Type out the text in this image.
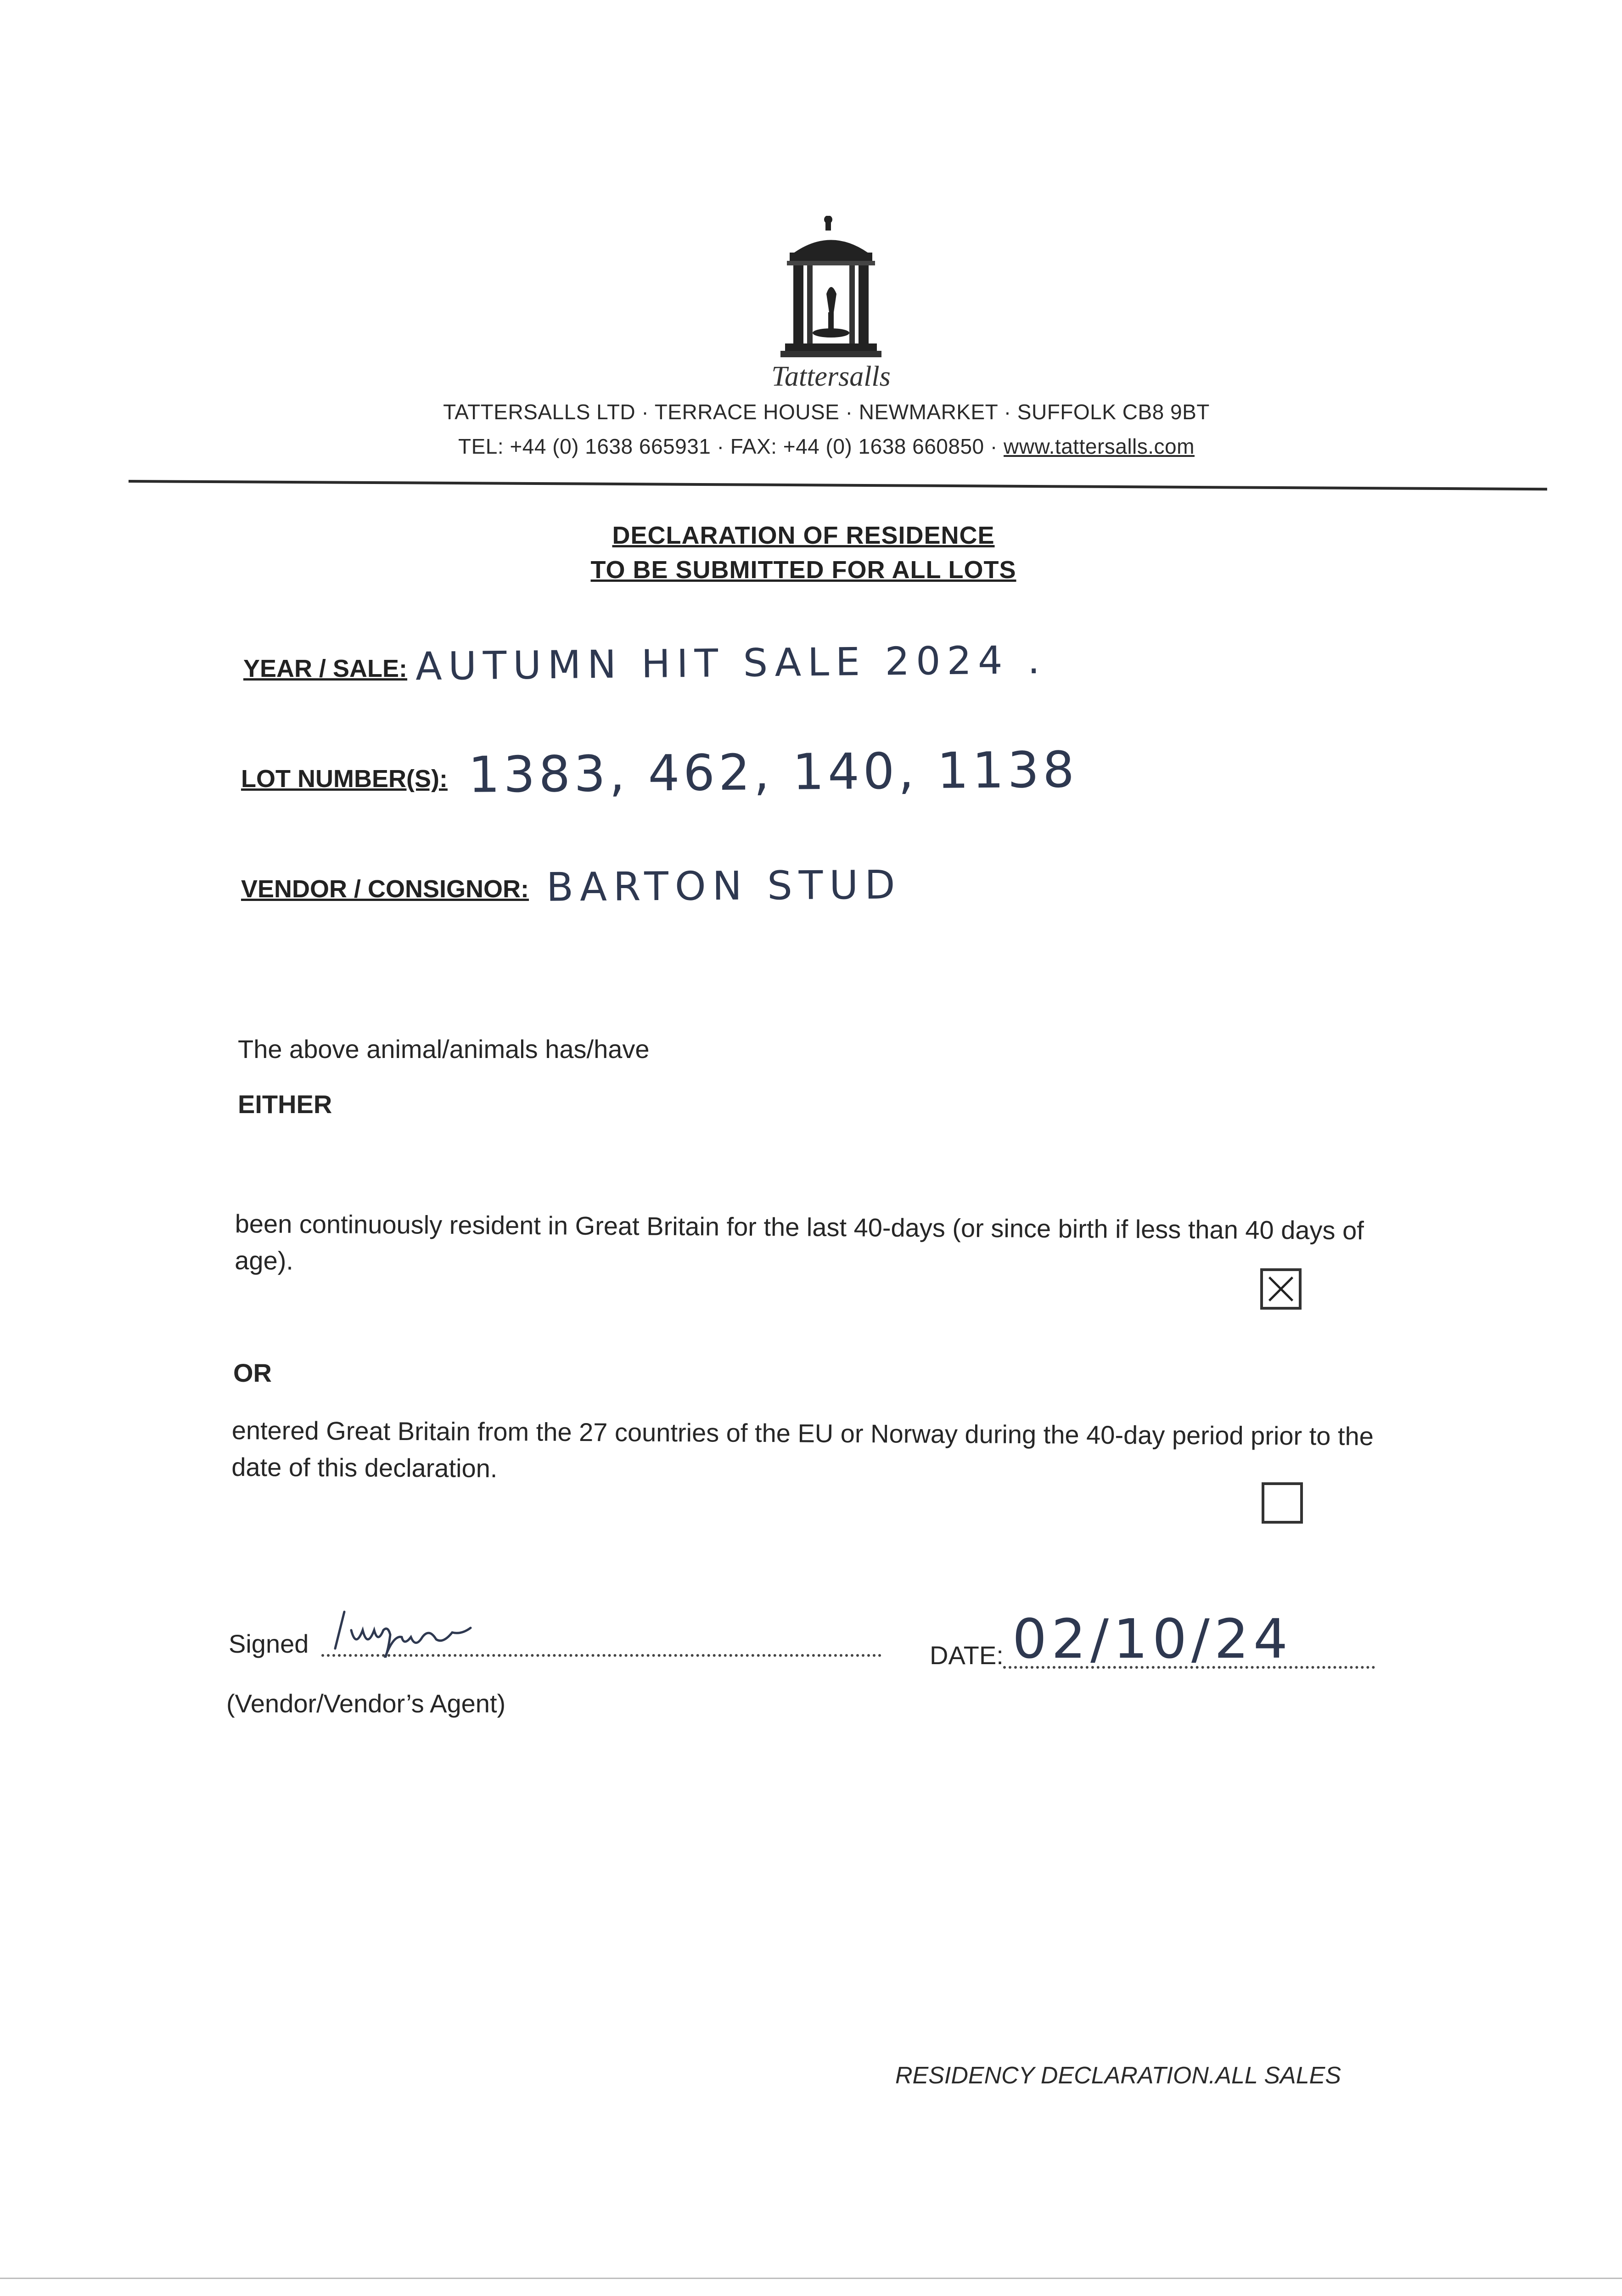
Tattersalls
TATTERSALLS LTD · TERRACE HOUSE · NEWMARKET · SUFFOLK CB8 9BT
TEL: +44 (0) 1638 665931 · FAX: +44 (0) 1638 660850 · www.tattersalls.com
DECLARATION OF RESIDENCE
TO BE SUBMITTED FOR ALL LOTS
YEAR / SALE: AUTUMN HIT SALE 2024 .
LOT NUMBER(S): 1383, 462, 140, 1138
VENDOR / CONSIGNOR: BARTON STUD
The above animal/animals has/have
EITHER
been continuously resident in Great Britain for the last 40-days (or since birth if less than 40 days of age).
OR
entered Great Britain from the 27 countries of the EU or Norway during the 40-day period prior to the date of this declaration.
Signed
(Vendor/Vendor’s Agent)
DATE: 02/10/24
RESIDENCY DECLARATION.ALL SALES
